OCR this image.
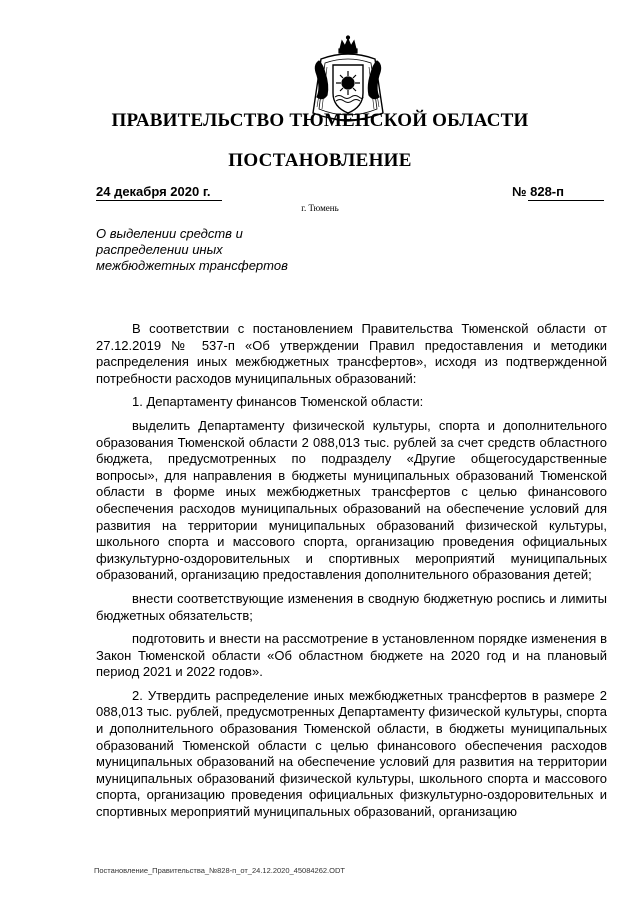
ПРАВИТЕЛЬСТВО ТЮМЕНСКОЙ ОБЛАСТИ
ПОСТАНОВЛЕНИЕ
24 декабря 2020 г.	№ 828-п
г. Тюмень
О выделении средств и
распределении иных
межбюджетных трансфертов

В соответствии с постановлением Правительства Тюменской области от 27.12.2019 № 537-п «Об утверждении Правил предоставления и методики распределения иных межбюджетных трансфертов», исходя из подтвержденной потребности расходов муниципальных образований:

1. Департаменту финансов Тюменской области:

выделить Департаменту физической культуры, спорта и дополнительного образования Тюменской области 2 088,013 тыс. рублей за счет средств областного бюджета, предусмотренных по подразделу «Другие общегосударственные вопросы», для направления в бюджеты муниципальных образований Тюменской области в форме иных межбюджетных трансфертов с целью финансового обеспечения расходов муниципальных образований на обеспечение условий для развития на территории муниципальных образований физической культуры, школьного спорта и массового спорта, организацию проведения официальных физкультурно-оздоровительных и спортивных мероприятий муниципальных образований, организацию предоставления дополнительного образования детей;

внести соответствующие изменения в сводную бюджетную роспись и лимиты бюджетных обязательств;

подготовить и внести на рассмотрение в установленном порядке изменения в Закон Тюменской области «Об областном бюджете на 2020 год и на плановый период 2021 и 2022 годов».

2. Утвердить распределение иных межбюджетных трансфертов в размере 2 088,013 тыс. рублей, предусмотренных Департаменту физической культуры, спорта и дополнительного образования Тюменской области, в бюджеты муниципальных образований Тюменской области с целью финансового обеспечения расходов муниципальных образований на обеспечение условий для развития на территории муниципальных образований физической культуры, школьного спорта и массового спорта, организацию проведения официальных физкультурно-оздоровительных и спортивных мероприятий муниципальных образований, организацию

Постановление_Правительства_№828-п_от_24.12.2020_45084262.ODT
